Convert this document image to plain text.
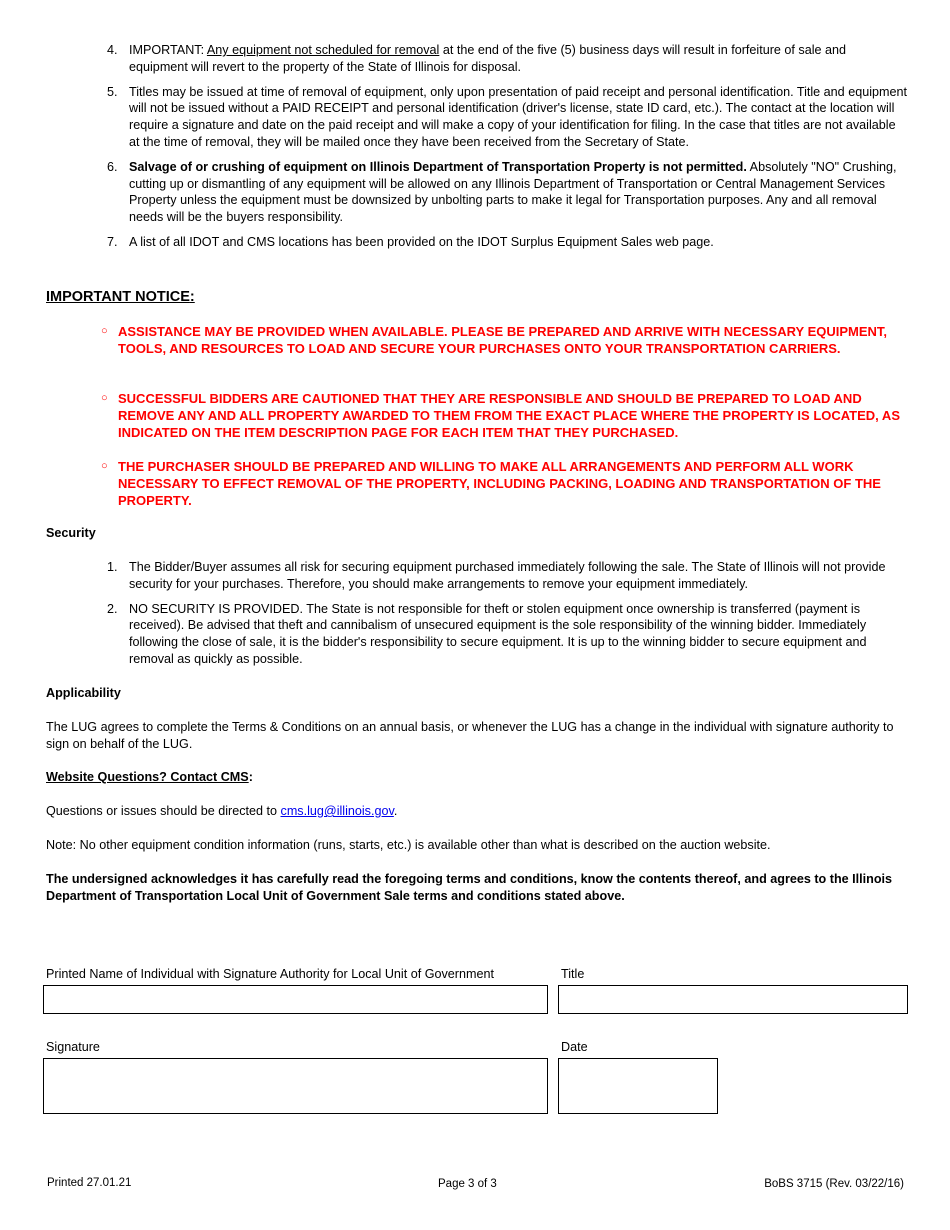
4. IMPORTANT: Any equipment not scheduled for removal at the end of the five (5) business days will result in forfeiture of sale and equipment will revert to the property of the State of Illinois for disposal.

5. Titles may be issued at time of removal of equipment, only upon presentation of paid receipt and personal identification. Title and equipment will not be issued without a PAID RECEIPT and personal identification (driver's license, state ID card, etc.). The contact at the location will require a signature and date on the paid receipt and will make a copy of your identification for filing. In the case that titles are not available at the time of removal, they will be mailed once they have been received from the Secretary of State.

6. Salvage of or crushing of equipment on Illinois Department of Transportation Property is not permitted. Absolutely "NO" Crushing, cutting up or dismantling of any equipment will be allowed on any Illinois Department of Transportation or Central Management Services Property unless the equipment must be downsized by unbolting parts to make it legal for Transportation purposes. Any and all removal needs will be the buyers responsibility.

7. A list of all IDOT and CMS locations has been provided on the IDOT Surplus Equipment Sales web page.

IMPORTANT NOTICE:
○ ASSISTANCE MAY BE PROVIDED WHEN AVAILABLE. PLEASE BE PREPARED AND ARRIVE WITH NECESSARY EQUIPMENT, TOOLS, AND RESOURCES TO LOAD AND SECURE YOUR PURCHASES ONTO YOUR TRANSPORTATION CARRIERS.
○ SUCCESSFUL BIDDERS ARE CAUTIONED THAT THEY ARE RESPONSIBLE AND SHOULD BE PREPARED TO LOAD AND REMOVE ANY AND ALL PROPERTY AWARDED TO THEM FROM THE EXACT PLACE WHERE THE PROPERTY IS LOCATED, AS INDICATED ON THE ITEM DESCRIPTION PAGE FOR EACH ITEM THAT THEY PURCHASED.
○ THE PURCHASER SHOULD BE PREPARED AND WILLING TO MAKE ALL ARRANGEMENTS AND PERFORM ALL WORK NECESSARY TO EFFECT REMOVAL OF THE PROPERTY, INCLUDING PACKING, LOADING AND TRANSPORTATION OF THE PROPERTY.
Security
1. The Bidder/Buyer assumes all risk for securing equipment purchased immediately following the sale. The State of Illinois will not provide security for your purchases. Therefore, you should make arrangements to remove your equipment immediately.

2. NO SECURITY IS PROVIDED. The State is not responsible for theft or stolen equipment once ownership is transferred (payment is received). Be advised that theft and cannibalism of unsecured equipment is the sole responsibility of the winning bidder. Immediately following the close of sale, it is the bidder's responsibility to secure equipment. It is up to the winning bidder to secure equipment and removal as quickly as possible.

Applicability

The LUG agrees to complete the Terms & Conditions on an annual basis, or whenever the LUG has a change in the individual with signature authority to sign on behalf of the LUG.

Website Questions? Contact CMS:

Questions or issues should be directed to cms.lug@illinois.gov.

Note: No other equipment condition information (runs, starts, etc.) is available other than what is described on the auction website.

The undersigned acknowledges it has carefully read the foregoing terms and conditions, know the contents thereof, and agrees to the Illinois Department of Transportation Local Unit of Government Sale terms and conditions stated above.

Printed Name of Individual with Signature Authority for Local Unit of Government	Title
Signature	Date
Printed 27.01.21	Page 3 of 3	BoBS 3715 (Rev. 03/22/16)
